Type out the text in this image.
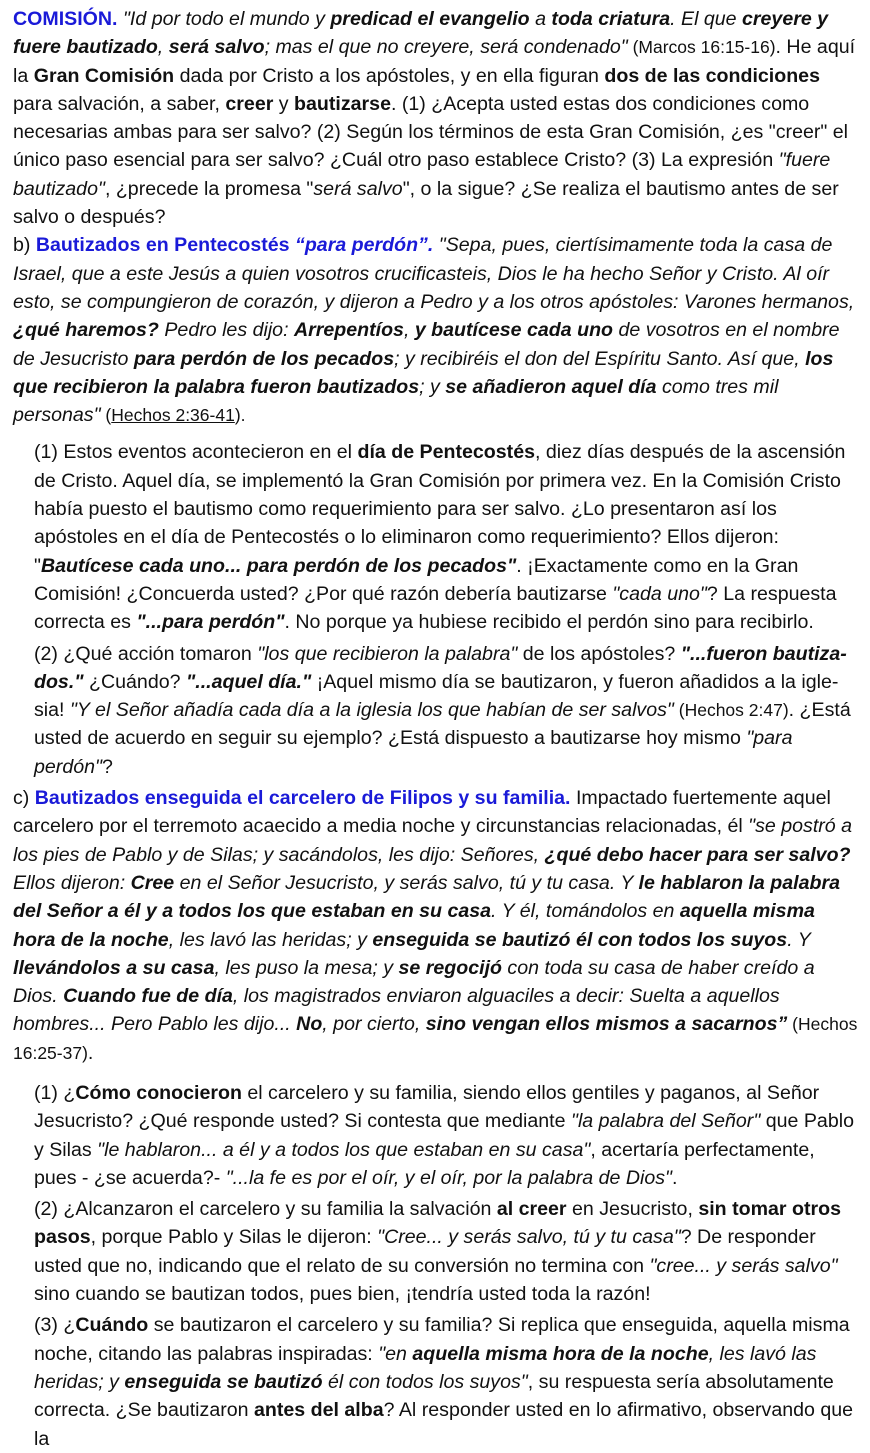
COMISIÓN. "Id por todo el mundo y predicad el evangelio a toda criatura. El que creyere y fuere bautizado, será salvo; mas el que no creyere, será condenado" (Marcos 16:15-16). He aquí la Gran Comisión dada por Cristo a los apóstoles, y en ella figuran dos de las condiciones para salvación, a saber, creer y bautizarse. (1) ¿Acepta usted estas dos condiciones como necesarias ambas para ser salvo? (2) Según los términos de esta Gran Comisión, ¿es "creer" el único paso esencial para ser salvo? ¿Cuál otro paso establece Cristo? (3) La expresión "fuere bautizado", ¿precede la promesa "será salvo", o la sigue? ¿Se realiza el bautismo antes de ser salvo o después?

b) Bautizados en Pentecostés “para perdón”. "Sepa, pues, ciertísimamente toda la casa de Israel, que a este Jesús a quien vosotros crucificasteis, Dios le ha hecho Señor y Cristo. Al oír esto, se compungieron de corazón, y dijeron a Pedro y a los otros apóstoles: Varones hermanos, ¿qué haremos? Pedro les dijo: Arrepentíos, y bautícese cada uno de vosotros en el nombre de Jesucristo para perdón de los pecados; y recibiréis el don del Espíritu Santo. Así que, los que recibieron la palabra fueron bautizados; y se añadieron aquel día como tres mil personas" (Hechos 2:36-41).

(1) Estos eventos acontecieron en el día de Pentecostés, diez días después de la ascensión de Cristo. Aquel día, se implementó la Gran Comisión por primera vez. En la Comisión Cristo había puesto el bautismo como requerimiento para ser salvo. ¿Lo presentaron así los apóstoles en el día de Pentecostés o lo eliminaron como requerimiento? Ellos dijeron: "Bautícese cada uno... para perdón de los pecados". ¡Exactamente como en la Gran Comisión! ¿Concuerda usted? ¿Por qué razón debería bautizarse "cada uno"? La respuesta correcta es "...para perdón". No porque ya hubiese recibido el perdón sino para recibirlo.

(2) ¿Qué acción tomaron "los que recibieron la palabra" de los apóstoles? "...fueron bautiza-dos." ¿Cuándo? "...aquel día." ¡Aquel mismo día se bautizaron, y fueron añadidos a la igle-sia! "Y el Señor añadía cada día a la iglesia los que habían de ser salvos" (Hechos 2:47). ¿Está usted de acuerdo en seguir su ejemplo? ¿Está dispuesto a bautizarse hoy mismo "para perdón"?

c) Bautizados enseguida el carcelero de Filipos y su familia. Impactado fuertemente aquel carcelero por el terremoto acaecido a media noche y circunstancias relacionadas, él "se postró a los pies de Pablo y de Silas; y sacándolos, les dijo: Señores, ¿qué debo hacer para ser salvo? Ellos dijeron: Cree en el Señor Jesucristo, y serás salvo, tú y tu casa. Y le hablaron la palabra del Señor a él y a todos los que estaban en su casa. Y él, tomándolos en aquella misma hora de la noche, les lavó las heridas; y enseguida se bautizó él con todos los suyos. Y llevándolos a su casa, les puso la mesa; y se regocijó con toda su casa de haber creído a Dios. Cuando fue de día, los magistrados enviaron alguaciles a decir: Suelta a aquellos hombres... Pero Pablo les dijo... No, por cierto, sino vengan ellos mismos a sacarnos” (Hechos 16:25-37).

(1) ¿Cómo conocieron el carcelero y su familia, siendo ellos gentiles y paganos, al Señor Jesucristo? ¿Qué responde usted? Si contesta que mediante "la palabra del Señor" que Pablo y Silas "le hablaron... a él y a todos los que estaban en su casa", acertaría perfectamente, pues - ¿se acuerda?- "...la fe es por el oír, y el oír, por la palabra de Dios".

(2) ¿Alcanzaron el carcelero y su familia la salvación al creer en Jesucristo, sin tomar otros pasos, porque Pablo y Silas le dijeron: "Cree... y serás salvo, tú y tu casa"? De responder usted que no, indicando que el relato de su conversión no termina con "cree... y serás salvo" sino cuando se bautizan todos, pues bien, ¡tendría usted toda la razón!

(3) ¿Cuándo se bautizaron el carcelero y su familia? Si replica que enseguida, aquella misma noche, citando las palabras inspiradas: "en aquella misma hora de la noche, les lavó las heridas; y enseguida se bautizó él con todos los suyos", su respuesta sería absolutamente correcta. ¿Se bautizaron antes del alba? Al responder usted en lo afirmativo, observando que la
